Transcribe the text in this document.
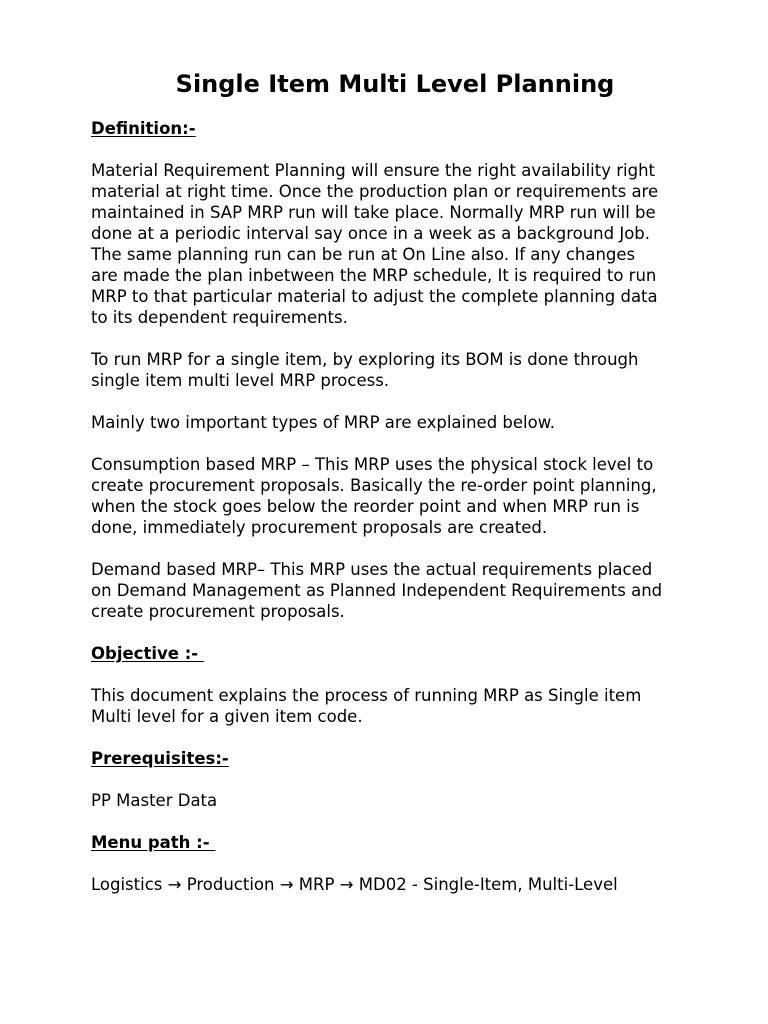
Single Item Multi Level Planning
Definition:-

Material Requirement Planning will ensure the right availability right
material at right time. Once the production plan or requirements are
maintained in SAP MRP run will take place. Normally MRP run will be
done at a periodic interval say once in a week as a background Job.
The same planning run can be run at On Line also. If any changes
are made the plan inbetween the MRP schedule, It is required to run
MRP to that particular material to adjust the complete planning data
to its dependent requirements.

To run MRP for a single item, by exploring its BOM is done through
single item multi level MRP process.

Mainly two important types of MRP are explained below.

Consumption based MRP – This MRP uses the physical stock level to
create procurement proposals. Basically the re-order point planning,
when the stock goes below the reorder point and when MRP run is
done, immediately procurement proposals are created.

Demand based MRP– This MRP uses the actual requirements placed
on Demand Management as Planned Independent Requirements and
create procurement proposals.

Objective :-

This document explains the process of running MRP as Single item
Multi level for a given item code.

Prerequisites:-

PP Master Data

Menu path :-

Logistics → Production → MRP → MD02 - Single-Item, Multi-Level
